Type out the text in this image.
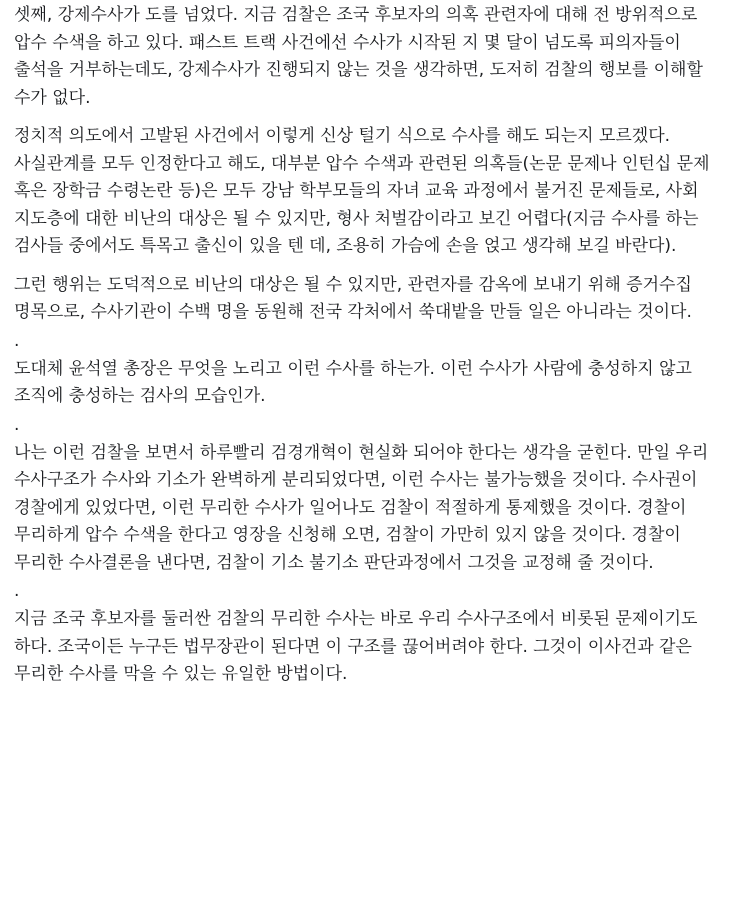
셋째, 강제수사가 도를 넘었다. 지금 검찰은 조국 후보자의 의혹 관련자에 대해 전 방위적으로 압수 수색을 하고 있다. 패스트 트랙 사건에선 수사가 시작된 지 몇 달이 넘도록 피의자들이 출석을 거부하는데도, 강제수사가 진행되지 않는 것을 생각하면, 도저히 검찰의 행보를 이해할 수가 없다.

정치적 의도에서 고발된 사건에서 이렇게 신상 털기 식으로 수사를 해도 되는지 모르겠다. 사실관계를 모두 인정한다고 해도, 대부분 압수 수색과 관련된 의혹들(논문 문제나 인턴십 문제 혹은 장학금 수령논란 등)은 모두 강남 학부모들의 자녀 교육 과정에서 불거진 문제들로, 사회 지도층에 대한 비난의 대상은 될 수 있지만, 형사 처벌감이라고 보긴 어렵다(지금 수사를 하는 검사들 중에서도 특목고 출신이 있을 텐 데, 조용히 가슴에 손을 얹고 생각해 보길 바란다).

그런 행위는 도덕적으로 비난의 대상은 될 수 있지만, 관련자를 감옥에 보내기 위해 증거수집 명목으로, 수사기관이 수백 명을 동원해 전국 각처에서 쑥대밭을 만들 일은 아니라는 것이다.

.

도대체 윤석열 총장은 무엇을 노리고 이런 수사를 하는가. 이런 수사가 사람에 충성하지 않고 조직에 충성하는 검사의 모습인가.

.

나는 이런 검찰을 보면서 하루빨리 검경개혁이 현실화 되어야 한다는 생각을 굳힌다. 만일 우리 수사구조가 수사와 기소가 완벽하게 분리되었다면, 이런 수사는 불가능했을 것이다. 수사권이 경찰에게 있었다면, 이런 무리한 수사가 일어나도 검찰이 적절하게 통제했을 것이다. 경찰이 무리하게 압수 수색을 한다고 영장을 신청해 오면, 검찰이 가만히 있지 않을 것이다. 경찰이 무리한 수사결론을 낸다면, 검찰이 기소 불기소 판단과정에서 그것을 교정해 줄 것이다.

.

지금 조국 후보자를 둘러싼 검찰의 무리한 수사는 바로 우리 수사구조에서 비롯된 문제이기도 하다. 조국이든 누구든 법무장관이 된다면 이 구조를 끊어버려야 한다. 그것이 이사건과 같은 무리한 수사를 막을 수 있는 유일한 방법이다.
